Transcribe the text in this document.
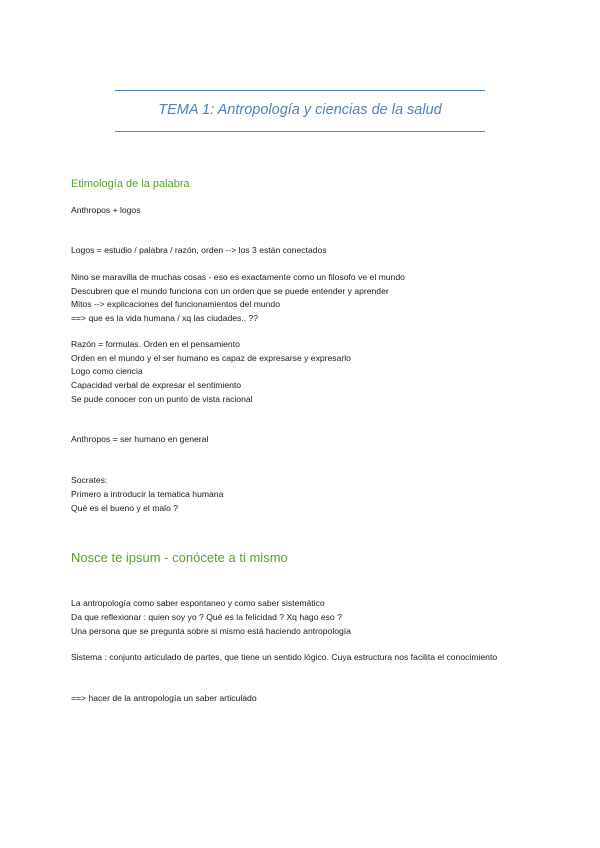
TEMA 1: Antropología y ciencias de la salud
Etimología de la palabra
Anthropos + logos
Logos = estudio / palabra / razón, orden --> los 3 están conectados
Nino se maravilla de muchas cosas - eso es exactamente como un filosofo ve el mundo
Descubren que el mundo funciona con un orden que se puede entender y aprender
Mitos --> explicaciones del funcionamientos del mundo
==> que es la vida humana / xq las ciudades.. ??
Razón = formulas. Orden en el pensamiento
Orden en el mundo y el ser humano es capaz de expresarse y expresarlo
Logo como ciencia
Capacidad verbal de expresar el sentimiento
Se pude conocer con un punto de vista racional
Anthropos = ser humano en general
Socrates:
Primero a introducir la tematica humana
Qué es el bueno y el malo ?
Nosce te ipsum - conócete a ti mismo
La antropología como saber espontaneo y como saber sistemático
Da que reflexionar : quien soy yo ? Qué es la felicidad ? Xq hago eso ?
Una persona que se pregunta sobre si mismo está haciendo antropología
Sistema : conjunto articulado de partes, que tiene un sentido lógico. Cuya estructura nos facilita el conocimiento
==> hacer de la antropología un saber articulado
